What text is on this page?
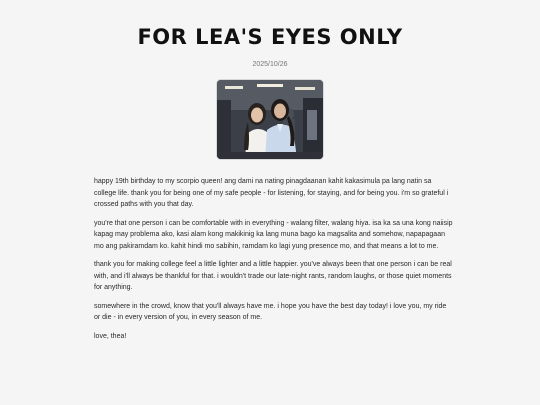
FOR LEA'S EYES ONLY
2025/10/26

happy 19th birthday to my scorpio queen! ang dami na nating pinagdaanan kahit kakasimula pa lang natin sa college life. thank you for being one of my safe people - for listening, for staying, and for being you. i'm so grateful i crossed paths with you that day.

you're that one person i can be comfortable with in everything - walang filter, walang hiya. isa ka sa una kong naiisip kapag may problema ako, kasi alam kong makikinig ka lang muna bago ka magsalita and somehow, napapagaan mo ang pakiramdam ko. kahit hindi mo sabihin, ramdam ko lagi yung presence mo, and that means a lot to me.

thank you for making college feel a little lighter and a little happier. you've always been that one person i can be real with, and i'll always be thankful for that. i wouldn't trade our late-night rants, random laughs, or those quiet moments for anything.

somewhere in the crowd, know that you'll always have me. i hope you have the best day today! i love you, my ride or die - in every version of you, in every season of me.

love, thea!
